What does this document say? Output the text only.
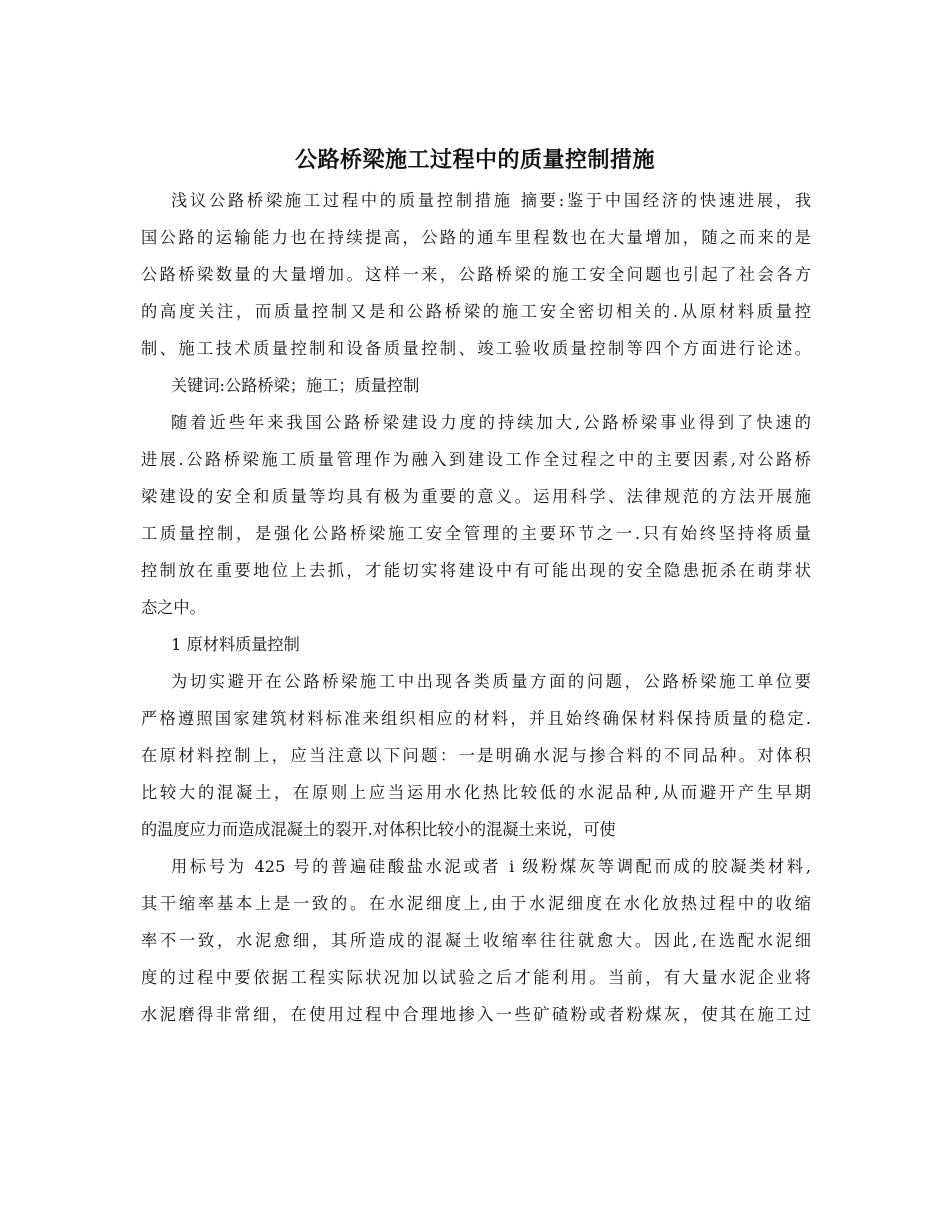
公路桥梁施工过程中的质量控制措施
浅议公路桥梁施工过程中的质量控制措施 摘要:鉴于中国经济的快速进展，我
国公路的运输能力也在持续提高，公路的通车里程数也在大量增加，随之而来的是
公路桥梁数量的大量增加。这样一来，公路桥梁的施工安全问题也引起了社会各方
的高度关注，而质量控制又是和公路桥梁的施工安全密切相关的.从原材料质量控
制、施工技术质量控制和设备质量控制、竣工验收质量控制等四个方面进行论述。
关键词:公路桥梁；施工；质量控制
随着近些年来我国公路桥梁建设力度的持续加大,公路桥梁事业得到了快速的
进展.公路桥梁施工质量管理作为融入到建设工作全过程之中的主要因素,对公路桥
梁建设的安全和质量等均具有极为重要的意义。运用科学、法律规范的方法开展施
工质量控制，是强化公路桥梁施工安全管理的主要环节之一.只有始终坚持将质量
控制放在重要地位上去抓，才能切实将建设中有可能出现的安全隐患扼杀在萌芽状
态之中。
1 原材料质量控制
为切实避开在公路桥梁施工中出现各类质量方面的问题，公路桥梁施工单位要
严格遵照国家建筑材料标准来组织相应的材料，并且始终确保材料保持质量的稳定.
在原材料控制上，应当注意以下问题：一是明确水泥与掺合料的不同品种。对体积
比较大的混凝土，在原则上应当运用水化热比较低的水泥品种,从而避开产生早期
的温度应力而造成混凝土的裂开.对体积比较小的混凝土来说，可使
用标号为 425 号的普遍硅酸盐水泥或者 i 级粉煤灰等调配而成的胶凝类材料,
其干缩率基本上是一致的。在水泥细度上,由于水泥细度在水化放热过程中的收缩
率不一致，水泥愈细，其所造成的混凝土收缩率往往就愈大。因此,在选配水泥细
度的过程中要依据工程实际状况加以试验之后才能利用。当前，有大量水泥企业将
水泥磨得非常细，在使用过程中合理地掺入一些矿碴粉或者粉煤灰，使其在施工过
